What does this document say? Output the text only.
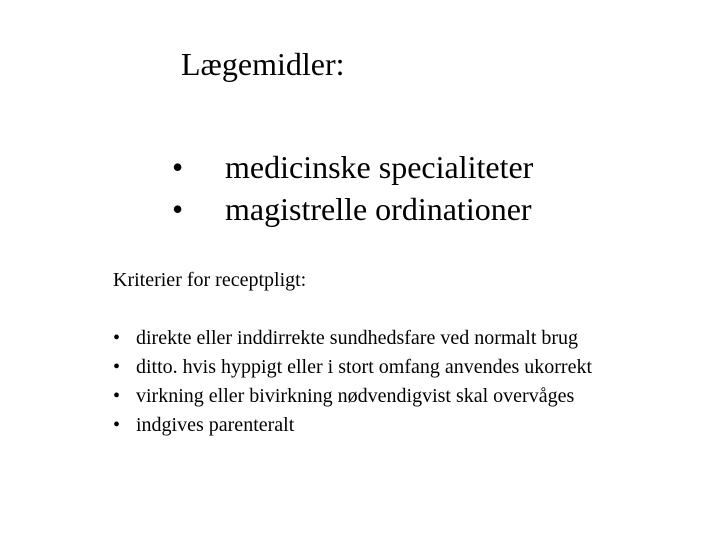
Lægemidler:
•	medicinske specialiteter
•	magistrelle ordinationer
Kriterier for receptpligt:
• direkte eller inddirrekte sundhedsfare ved normalt brug
• ditto. hvis hyppigt eller i stort omfang anvendes ukorrekt
• virkning eller bivirkning nødvendigvist skal overvåges
• indgives parenteralt
